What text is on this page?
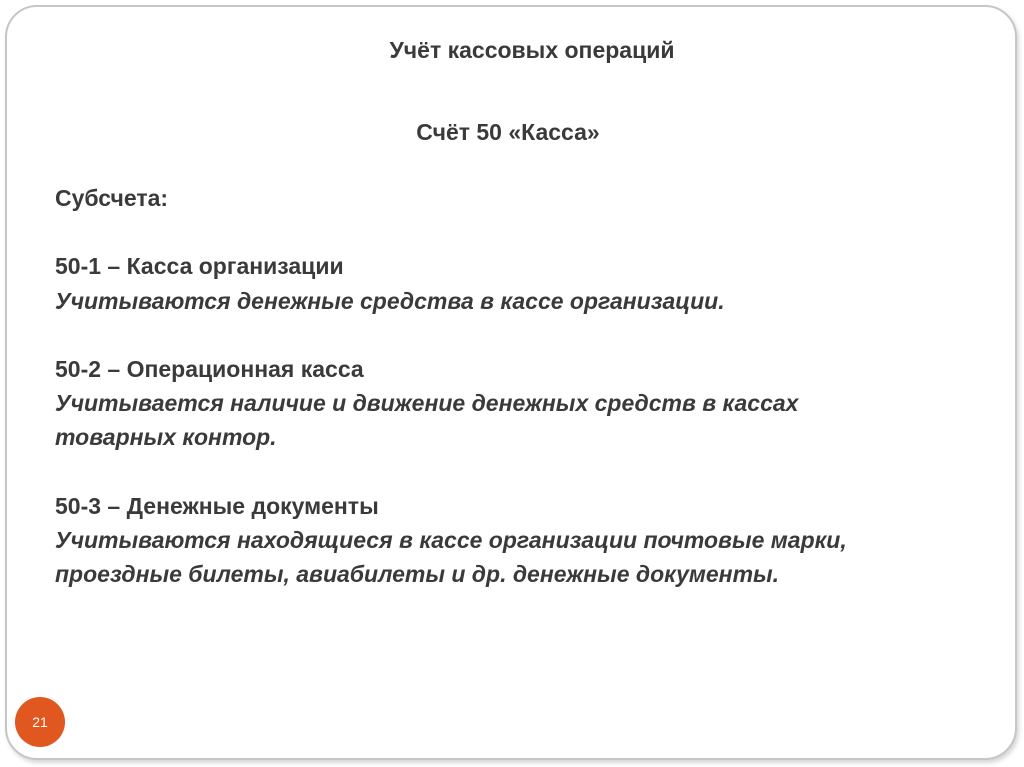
Учёт кассовых операций
Счёт 50 «Касса»
Субсчета:
50-1 – Касса организации
Учитываются денежные средства в кассе организации.
50-2 – Операционная касса
Учитывается наличие и движение денежных средств в кассах
товарных контор.
50-3 – Денежные документы
Учитываются находящиеся в кассе организации почтовые марки,
проездные билеты, авиабилеты и др. денежные документы.
21
